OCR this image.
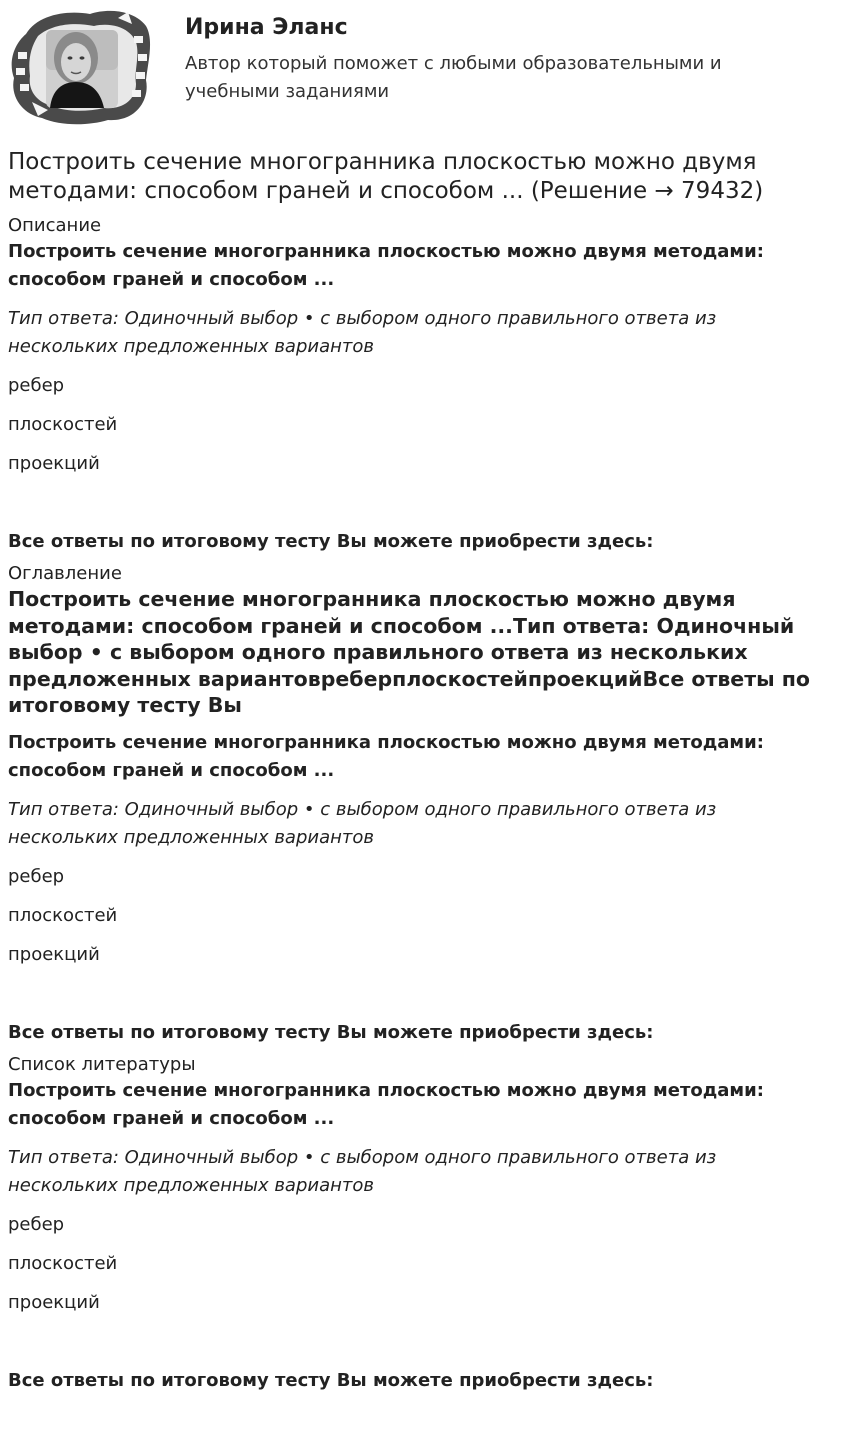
Ирина Эланс

Автор который поможет с любыми образовательными и учебными заданиями

Построить сечение многогранника плоскостью можно двумя методами: способом граней и способом ... (Решение → 79432)
Описание

Построить сечение многогранника плоскостью можно двумя методами: способом граней и способом ...

Тип ответа: Одиночный выбор • с выбором одного правильного ответа из нескольких предложенных вариантов

ребер

плоскостей

проекций

Все ответы по итоговому тесту Вы можете приобрести здесь:

Оглавление
Построить сечение многогранника плоскостью можно двумя методами: способом граней и способом ...Тип ответа: Одиночный выбор • с выбором одного правильного ответа из нескольких предложенных вариантовреберплоскостейпроекцийВсе ответы по итоговому тесту Вы

Построить сечение многогранника плоскостью можно двумя методами: способом граней и способом ...

Тип ответа: Одиночный выбор • с выбором одного правильного ответа из нескольких предложенных вариантов

ребер

плоскостей

проекций

Все ответы по итоговому тесту Вы можете приобрести здесь:

Список литературы

Построить сечение многогранника плоскостью можно двумя методами: способом граней и способом ...

Тип ответа: Одиночный выбор • с выбором одного правильного ответа из нескольких предложенных вариантов

ребер

плоскостей

проекций

Все ответы по итоговому тесту Вы можете приобрести здесь:
